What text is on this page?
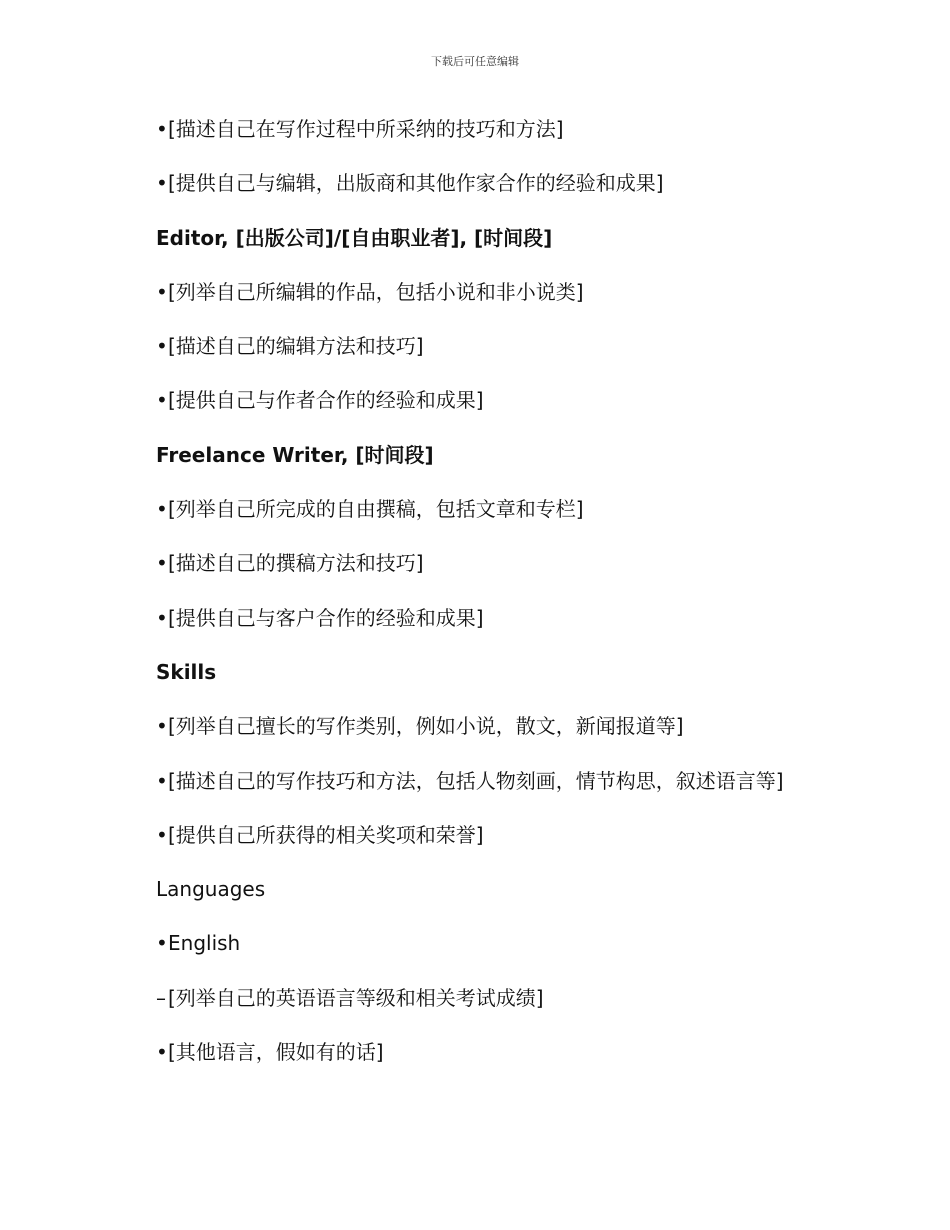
下载后可任意编辑
•[描述自己在写作过程中所采纳的技巧和方法]
•[提供自己与编辑，出版商和其他作家合作的经验和成果]
Editor, [出版公司]/[自由职业者], [时间段]
•[列举自己所编辑的作品，包括小说和非小说类]
•[描述自己的编辑方法和技巧]
•[提供自己与作者合作的经验和成果]
Freelance Writer, [时间段]
•[列举自己所完成的自由撰稿，包括文章和专栏]
•[描述自己的撰稿方法和技巧]
•[提供自己与客户合作的经验和成果]
Skills
•[列举自己擅长的写作类别，例如小说，散文，新闻报道等]
•[描述自己的写作技巧和方法，包括人物刻画，情节构思，叙述语言等]
•[提供自己所获得的相关奖项和荣誉]
Languages
•English
– [列举自己的英语语言等级和相关考试成绩]
•[其他语言，假如有的话]
